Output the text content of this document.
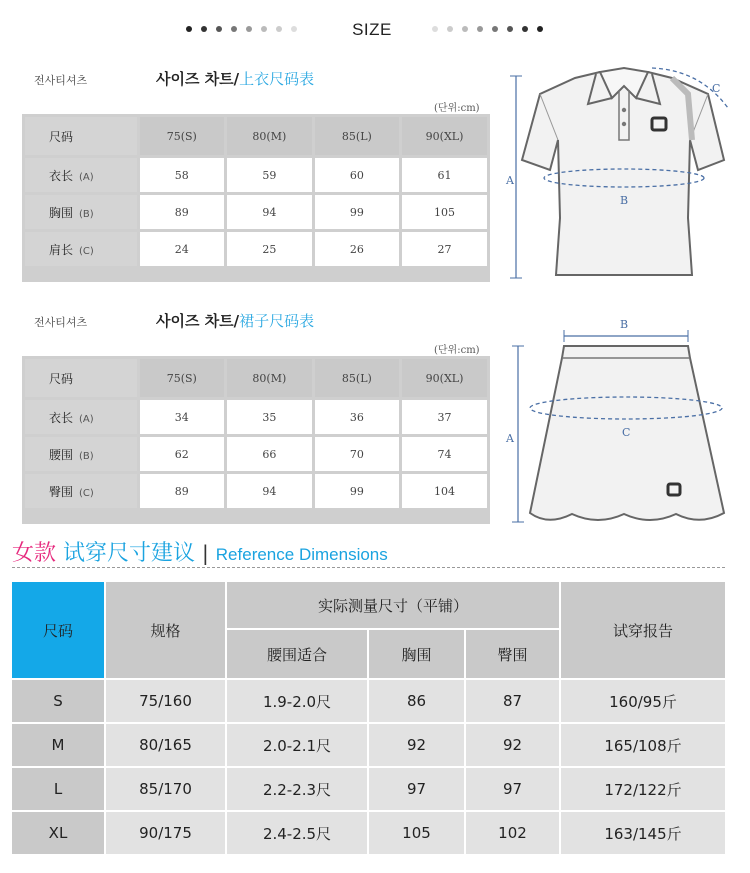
SIZE
전사티셔츠	사이즈 차트/上衣尺码表
(단위:cm)
尺码	75(S)	80(M)	85(L)	90(XL)
衣长 (A)	58	59	60	61
胸围 (B)	89	94	99	105
肩长 (C)	24	25	26	27
A
B
C
전사티셔츠	사이즈 차트/裙子尺码表
(단위:cm)
尺码	75(S)	80(M)	85(L)	90(XL)
衣长 (A)	34	35	36	37
腰围 (B)	62	66	70	74
臀围 (C)	89	94	99	104
B
A	C
女款 试穿尺寸建议 | Reference Dimensions
尺码	规格
实际测量尺寸（平铺）
腰围适合	胸围	臀围
试穿报告
S	75/160	1.9-2.0尺	86	87	160/95斤
M	80/165	2.0-2.1尺	92	92	165/108斤
L	85/170	2.2-2.3尺	97	97	172/122斤
XL	90/175	2.4-2.5尺	105	102	163/145斤
